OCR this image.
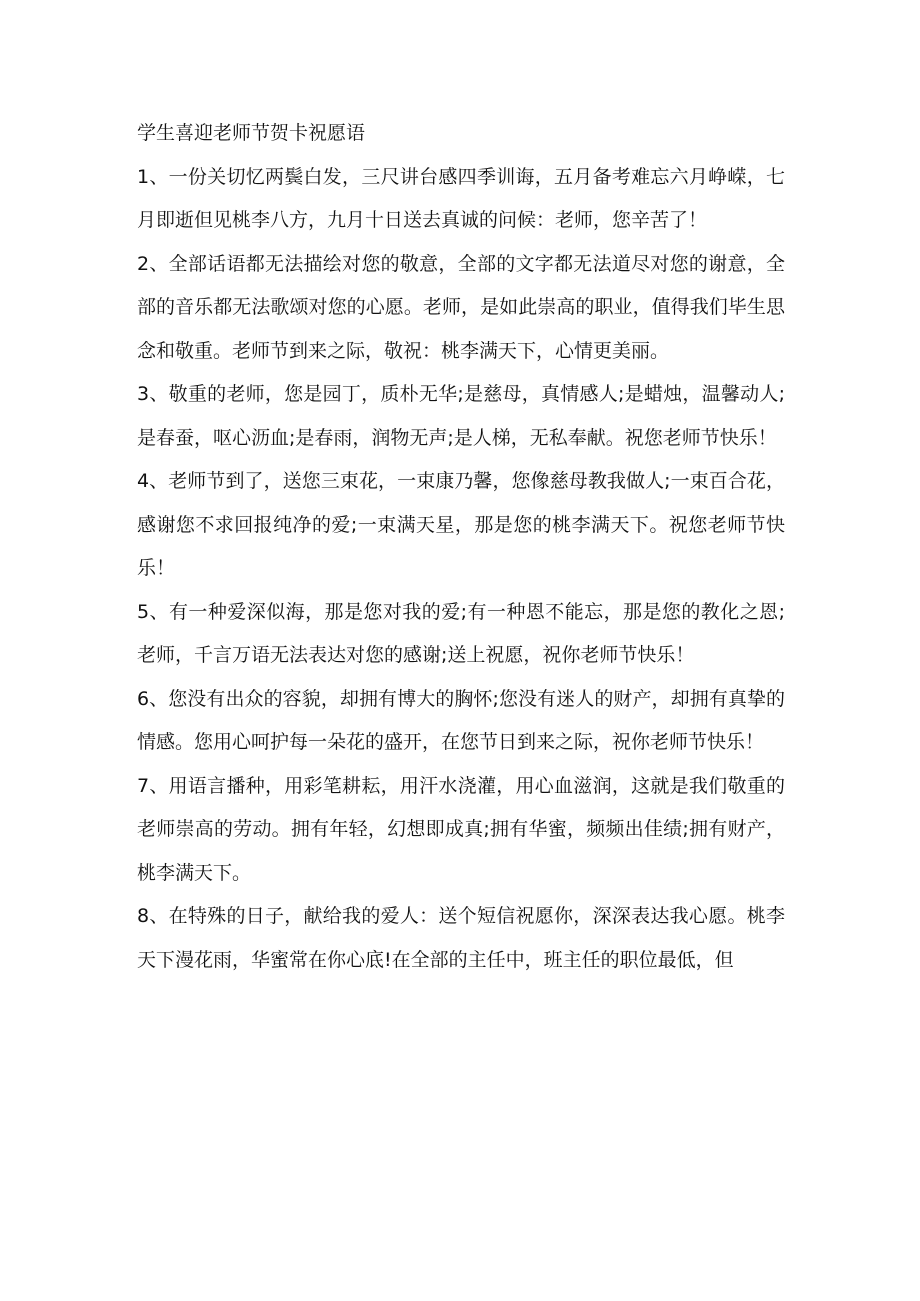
学生喜迎老师节贺卡祝愿语

1、一份关切忆两鬓白发，三尺讲台感四季训诲，五月备考难忘六月峥嵘，七月即逝但见桃李八方，九月十日送去真诚的问候：老师，您辛苦了！

2、全部话语都无法描绘对您的敬意，全部的文字都无法道尽对您的谢意，全部的音乐都无法歌颂对您的心愿。老师，是如此崇高的职业，值得我们毕生思念和敬重。老师节到来之际，敬祝：桃李满天下，心情更美丽。

3、敬重的老师，您是园丁，质朴无华;是慈母，真情感人;是蜡烛，温馨动人;是春蚕，呕心沥血;是春雨，润物无声;是人梯，无私奉献。祝您老师节快乐！

4、老师节到了，送您三束花，一束康乃馨，您像慈母教我做人;一束百合花，感谢您不求回报纯净的爱;一束满天星，那是您的桃李满天下。祝您老师节快乐！

5、有一种爱深似海，那是您对我的爱;有一种恩不能忘，那是您的教化之恩;老师，千言万语无法表达对您的感谢;送上祝愿，祝你老师节快乐！

6、您没有出众的容貌，却拥有博大的胸怀;您没有迷人的财产，却拥有真挚的情感。您用心呵护每一朵花的盛开，在您节日到来之际，祝你老师节快乐！

7、用语言播种，用彩笔耕耘，用汗水浇灌，用心血滋润，这就是我们敬重的老师崇高的劳动。拥有年轻，幻想即成真;拥有华蜜，频频出佳绩;拥有财产，桃李满天下。

8、在特殊的日子，献给我的爱人：送个短信祝愿你，深深表达我心愿。桃李天下漫花雨，华蜜常在你心底!在全部的主任中，班主任的职位最低，但
